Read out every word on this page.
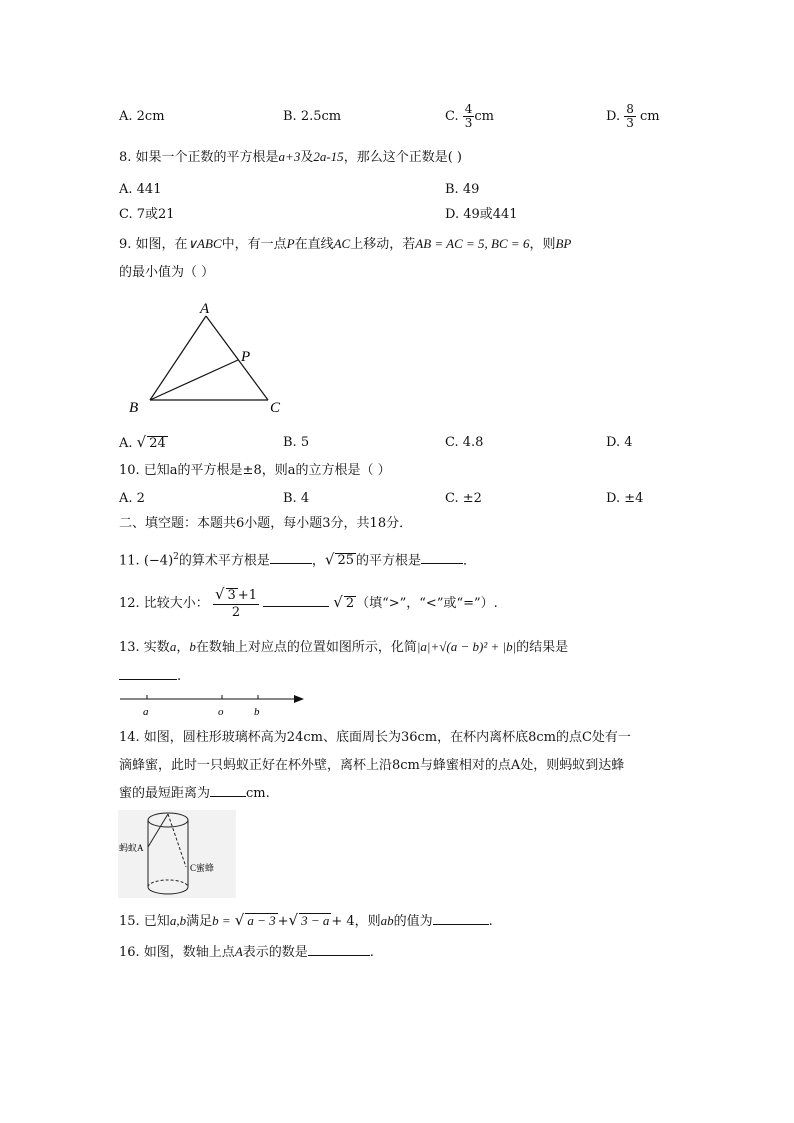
A. 2cm	B. 2.5cm	C. $\frac{4}{3}$ cm	D. $\frac{8}{3}$ cm
8. 如果一个正数的平方根是a+3及2a-15，那么这个正数是( )
A. 441	B. 49
C. 7或21	D. 49或441
9. 如图，在∨ABC中，有一点P在直线AC上移动，若AB = AC = 5, BC = 6，则BP
的最小值为（ ）
A
B	C
P
A. √ 24	B. 5	C. 4.8	D. 4
10. 已知a的平方根是±8，则a的立方根是（ ）
A. 2	B. 4	C. ±2	D. ±4
二、填空题：本题共6小题，每小题3分，共18分．
11. $(-4)^2$的算术平方根是	，√ 25 的平方根是	．
12. 比较大小： $\frac{√ 3 +1}{2}$	√ 2 （填“>”，“<”或“=”）.
13. 实数a，b在数轴上对应点的位置如图所示，化简|a|+√(a − b)² + |b|的结果是
.
a	o	b
14. 如图，圆柱形玻璃杯高为24cm、底面周长为36cm，在杯内离杯底8cm的点C处有一
滴蜂蜜，此时一只蚂蚁正好在杯外壁，离杯上沿8cm与蜂蜜相对的点A处，则蚂蚁到达蜂
蜜的最短距离为	cm.
蚂蚁A
C蜜蜂
15. 已知a,b满足b = √ a − 3 +√ 3 − a + 4，则ab的值为	.
16. 如图，数轴上点A表示的数是	.
